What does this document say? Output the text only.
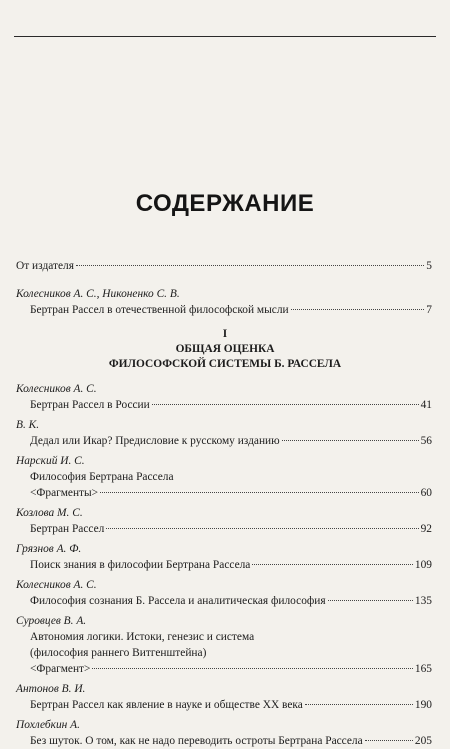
СОДЕРЖАНИЕ
От издателя	5
Колесников А. С., Никоненко С. В.
Бертран Рассел в отечественной философской мысли	7
I
ОБЩАЯ ОЦЕНКА
ФИЛОСОФСКОЙ СИСТЕМЫ Б. РАССЕЛА
Колесников А. С.
Бертран Рассел в России	41
В. К.
Дедал или Икар? Предисловие к русскому изданию	56
Нарский И. С.
Философия Бертрана Рассела
<Фрагменты>	60
Козлова М. С.
Бертран Рассел	92
Грязнов А. Ф.
Поиск знания в философии Бертрана Рассела	109
Колесников А. С.
Философия сознания Б. Рассела и аналитическая философия	135
Суровцев В. А.
Автономия логики. Истоки, генезис и система
(философия раннего Витгенштейна)
<Фрагмент>	165
Антонов В. И.
Бертран Рассел как явление в науке и обществе XX века	190
Похлебкин А.
Без шуток. О том, как не надо переводить остроты Бертрана Рассела	205
